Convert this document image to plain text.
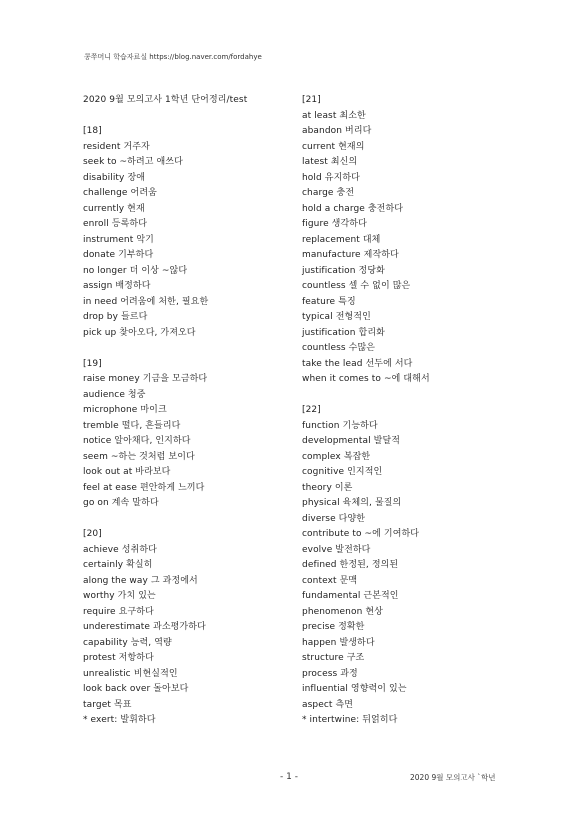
콩쭈머니 학습자료실 https://blog.naver.com/fordahye
2020 9월 모의고사 1학년 단어정리/test
[18]
resident 거주자
seek to ~하려고 애쓰다
disability 장애
challenge 어려움
currently 현재
enroll 등록하다
instrument 악기
donate 기부하다
no longer 더 이상 ~않다
assign 배정하다
in need 어려움에 처한, 필요한
drop by 들르다
pick up 찾아오다, 가져오다
[19]
raise money 기금을 모금하다
audience 청중
microphone 마이크
tremble 떨다, 흔들리다
notice 알아채다, 인지하다
seem ~하는 것처럼 보이다
look out at 바라보다
feel at ease 편안하게 느끼다
go on 계속 말하다
[20]
achieve 성취하다
certainly 확실히
along the way 그 과정에서
worthy 가치 있는
require 요구하다
underestimate 과소평가하다
capability 능력, 역량
protest 저항하다
unrealistic 비현실적인
look back over 돌아보다
target 목표
* exert: 발휘하다
[21]
at least 최소한
abandon 버리다
current 현재의
latest 최신의
hold 유지하다
charge 충전
hold a charge 충전하다
figure 생각하다
replacement 대체
manufacture 제작하다
justification 정당화
countless 셀 수 없이 많은
feature 특징
typical 전형적인
justification 합리화
countless 수많은
take the lead 선두에 서다
when it comes to ~에 대해서
[22]
function 기능하다
developmental 발달적
complex 복잡한
cognitive 인지적인
theory 이론
physical 육체의, 물질의
diverse 다양한
contribute to ~에 기여하다
evolve 발전하다
defined 한정된, 정의된
context 문맥
fundamental 근본적인
phenomenon 현상
precise 정확한
happen 발생하다
structure 구조
process 과정
influential 영향력이 있는
aspect 측면
* intertwine: 뒤얽히다
- 1 -	2020 9월 모의고사 `학년
